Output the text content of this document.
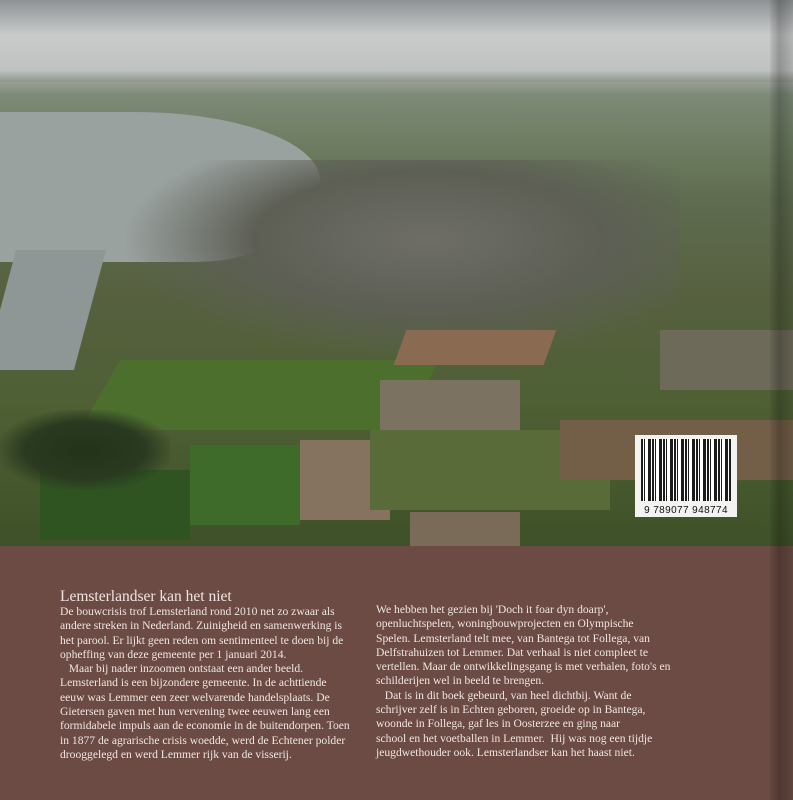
9 789077 948774
Lemsterlandser kan het niet
De bouwcrisis trof Lemsterland rond 2010 net zo zwaar als
andere streken in Nederland. Zuinigheid en samenwerking is
het parool. Er lijkt geen reden om sentimenteel te doen bij de
opheffing van deze gemeente per 1 januari 2014.
Maar bij nader inzoomen ontstaat een ander beeld.
Lemsterland is een bijzondere gemeente. In de achttiende
eeuw was Lemmer een zeer welvarende handelsplaats. De
Gietersen gaven met hun vervening twee eeuwen lang een
formidabele impuls aan de economie in de buitendorpen. Toen
in 1877 de agrarische crisis woedde, werd de Echtener polder
drooggelegd en werd Lemmer rijk van de visserij.
We hebben het gezien bij 'Doch it foar dyn doarp',
openluchtspelen, woningbouwprojecten en Olympische
Spelen. Lemsterland telt mee, van Bantega tot Follega, van
Delfstrahuizen tot Lemmer. Dat verhaal is niet compleet te
vertellen. Maar de ontwikkelingsgang is met verhalen, foto's en
schilderijen wel in beeld te brengen.
Dat is in dit boek gebeurd, van heel dichtbij. Want de
schrijver zelf is in Echten geboren, groeide op in Bantega,
woonde in Follega, gaf les in Oosterzee en ging naar
school en het voetballen in Lemmer.  Hij was nog een tijdje
jeugdwethouder ook. Lemsterlandser kan het haast niet.
